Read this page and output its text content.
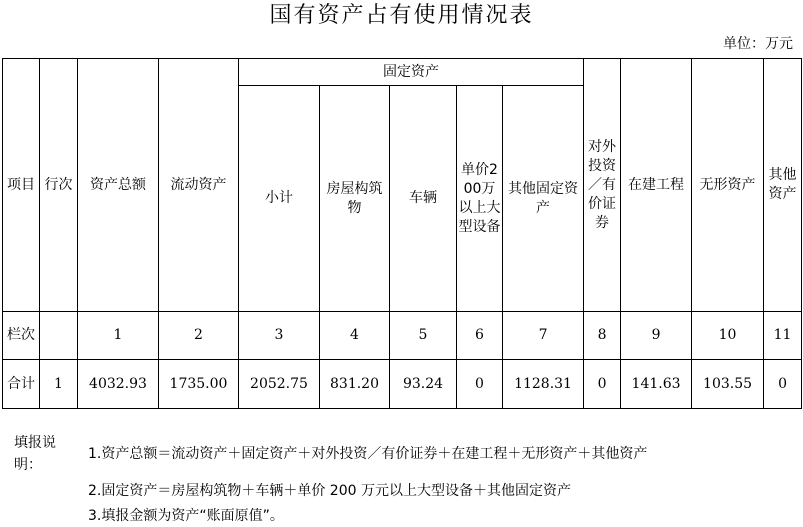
国有资产占有使用情况表
单位：万元
项目	行次	资产总额	流动资产	固定资产					对外投资／有价证券	在建工程	无形资产	其他资产
				小计	房屋构筑物	车辆	单价200万以上大型设备	其他固定资产				
栏次		1	2	3	4	5	6	7	8	9	10	11
合计	1	4032.93	1735.00	2052.75	831.20	93.24	0	1128.31	0	141.63	103.55	0
填报说明：
1.资产总额＝流动资产＋固定资产＋对外投资／有价证券＋在建工程＋无形资产＋其他资产
2.固定资产＝房屋构筑物＋车辆＋单价 200 万元以上大型设备＋其他固定资产
3.填报金额为资产“账面原值”。
